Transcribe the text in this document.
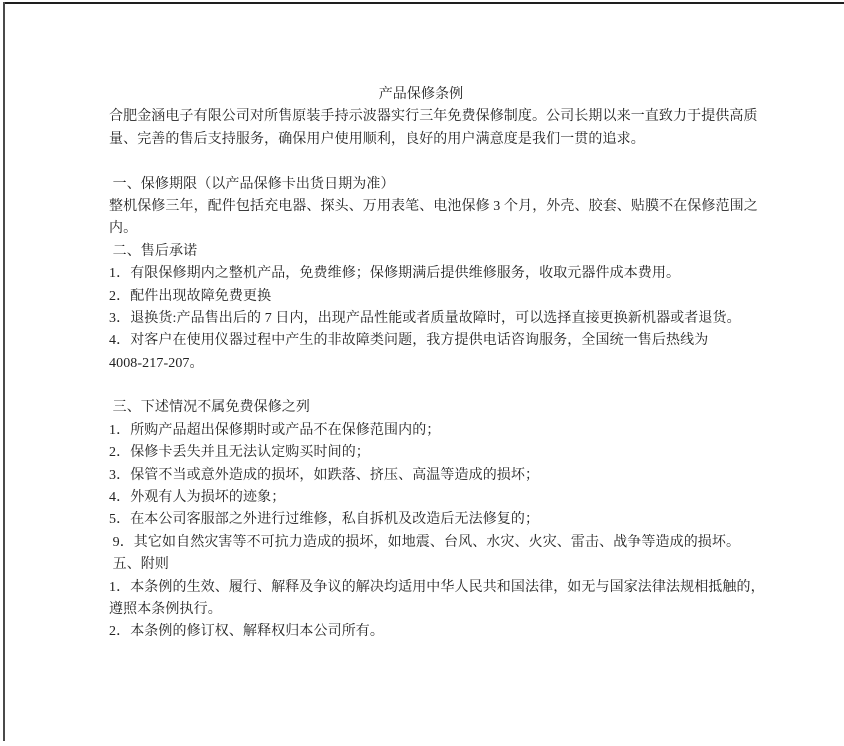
产品保修条例
合肥金涵电子有限公司对所售原装手持示波器实行三年免费保修制度。公司长期以来一直致力于提供高质
量、完善的售后支持服务，确保用户使用顺利，良好的用户满意度是我们一贯的追求。

一、保修期限（以产品保修卡出货日期为准）
整机保修三年，配件包括充电器、探头、万用表笔、电池保修 3 个月，外壳、胶套、贴膜不在保修范围之
内。
二、售后承诺
1．有限保修期内之整机产品，免费维修；保修期满后提供维修服务，收取元器件成本费用。
2．配件出现故障免费更换
3．退换货:产品售出后的 7 日内，出现产品性能或者质量故障时，可以选择直接更换新机器或者退货。
4．对客户在使用仪器过程中产生的非故障类问题，我方提供电话咨询服务，全国统一售后热线为
4008-217-207。

三、下述情况不属免费保修之列
1．所购产品超出保修期时或产品不在保修范围内的；
2．保修卡丢失并且无法认定购买时间的；
3．保管不当或意外造成的损坏，如跌落、挤压、高温等造成的损坏；
4．外观有人为损坏的迹象；
5．在本公司客服部之外进行过维修，私自拆机及改造后无法修复的；
9．其它如自然灾害等不可抗力造成的损坏，如地震、台风、水灾、火灾、雷击、战争等造成的损坏。
五、附则
1．本条例的生效、履行、解释及争议的解决均适用中华人民共和国法律，如无与国家法律法规相抵触的，
遵照本条例执行。
2．本条例的修订权、解释权归本公司所有。
